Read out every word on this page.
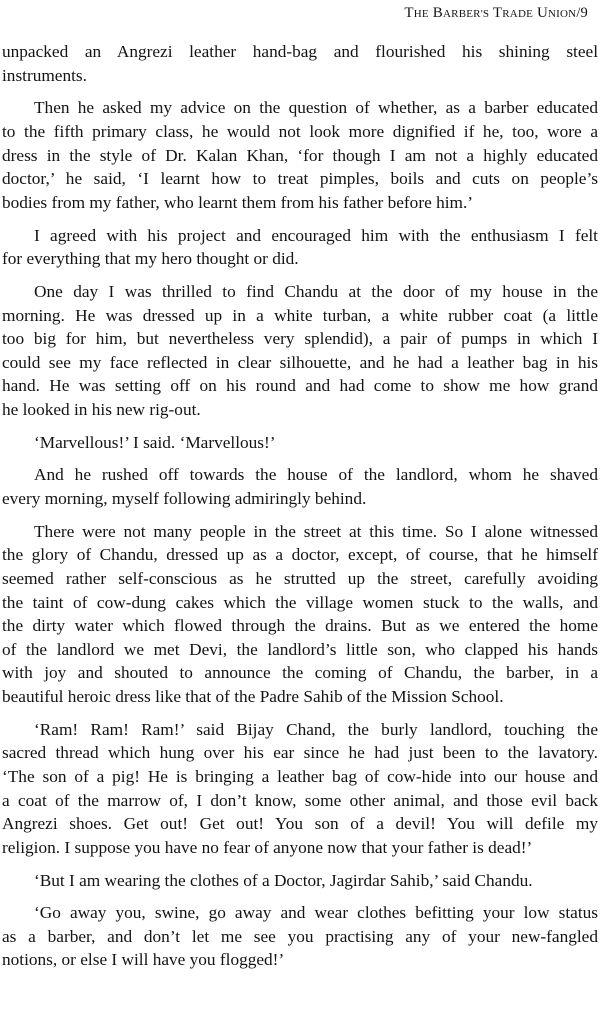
THE BARBER'S TRADE UNION/9
unpacked an Angrezi leather hand-bag and flourished his shining steel
instruments.
Then he asked my advice on the question of whether, as a barber educated
to the fifth primary class, he would not look more dignified if he, too, wore a
dress in the style of Dr. Kalan Khan, ‘for though I am not a highly educated
doctor,’ he said, ‘I learnt how to treat pimples, boils and cuts on people’s
bodies from my father, who learnt them from his father before him.’
I agreed with his project and encouraged him with the enthusiasm I felt
for everything that my hero thought or did.
One day I was thrilled to find Chandu at the door of my house in the
morning. He was dressed up in a white turban, a white rubber coat (a little
too big for him, but nevertheless very splendid), a pair of pumps in which I
could see my face reflected in clear silhouette, and he had a leather bag in his
hand. He was setting off on his round and had come to show me how grand
he looked in his new rig-out.
‘Marvellous!’ I said. ‘Marvellous!’
And he rushed off towards the house of the landlord, whom he shaved
every morning, myself following admiringly behind.
There were not many people in the street at this time. So I alone witnessed
the glory of Chandu, dressed up as a doctor, except, of course, that he himself
seemed rather self-conscious as he strutted up the street, carefully avoiding
the taint of cow-dung cakes which the village women stuck to the walls, and
the dirty water which flowed through the drains. But as we entered the home
of the landlord we met Devi, the landlord’s little son, who clapped his hands
with joy and shouted to announce the coming of Chandu, the barber, in a
beautiful heroic dress like that of the Padre Sahib of the Mission School.
‘Ram! Ram! Ram!’ said Bijay Chand, the burly landlord, touching the
sacred thread which hung over his ear since he had just been to the lavatory.
‘The son of a pig! He is bringing a leather bag of cow-hide into our house and
a coat of the marrow of, I don’t know, some other animal, and those evil back
Angrezi shoes. Get out! Get out! You son of a devil! You will defile my
religion. I suppose you have no fear of anyone now that your father is dead!’
‘But I am wearing the clothes of a Doctor, Jagirdar Sahib,’ said Chandu.
‘Go away you, swine, go away and wear clothes befitting your low status
as a barber, and don’t let me see you practising any of your new-fangled
notions, or else I will have you flogged!’
